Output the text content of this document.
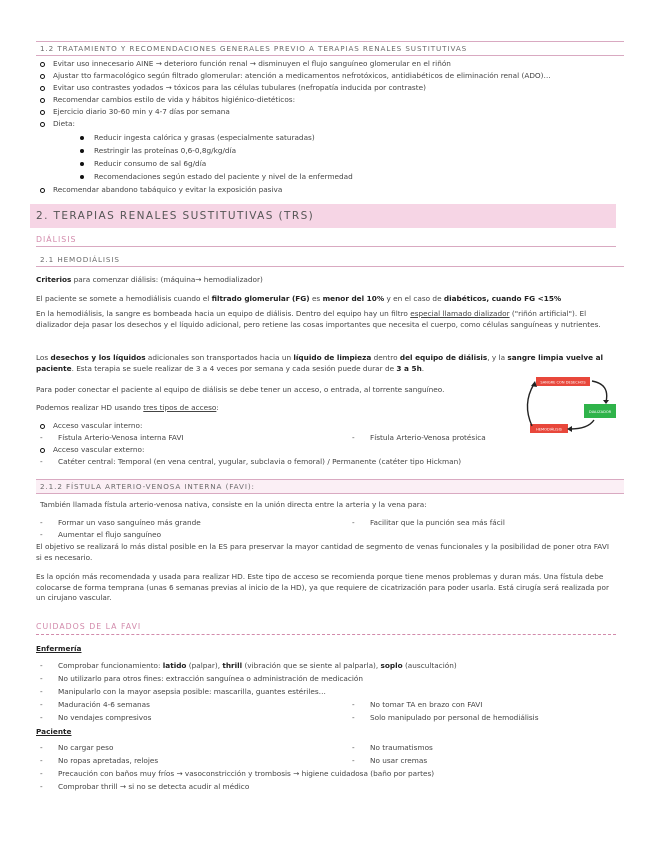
1.2 TRATAMIENTO Y RECOMENDACIONES GENERALES PREVIO A TERAPIAS RENALES SUSTITUTIVAS
Evitar uso innecesario AINE → deterioro función renal → disminuyen el flujo sanguíneo glomerular en el riñón
Ajustar tto farmacológico según filtrado glomerular: atención a medicamentos nefrotóxicos, antidiabéticos de eliminación renal (ADO)…
Evitar uso contrastes yodados → tóxicos para las células tubulares (nefropatía inducida por contraste)
Recomendar cambios estilo de vida y hábitos higiénico-dietéticos:
Ejercicio diario 30-60 min y 4-7 días por semana
Dieta:
Reducir ingesta calórica y grasas (especialmente saturadas)
Restringir las proteínas 0,6-0,8g/kg/día
Reducir consumo de sal 6g/día
Recomendaciones según estado del paciente y nivel de la enfermedad
Recomendar abandono tabáquico y evitar la exposición pasiva
2. TERAPIAS RENALES SUSTITUTIVAS (TRS)
DIÁLISIS
2.1 HEMODIÁLISIS
Criterios para comenzar diálisis: (máquina→ hemodializador)
El paciente se somete a hemodiálisis cuando el filtrado glomerular (FG) es menor del 10% y en el caso de diabéticos, cuando FG <15%
En la hemodiálisis, la sangre es bombeada hacia un equipo de diálisis. Dentro del equipo hay un filtro especial llamado dializador ("riñón artificial"). El dializador deja pasar los desechos y el líquido adicional, pero retiene las cosas importantes que necesita el cuerpo, como células sanguíneas y nutrientes.
Los desechos y los líquidos adicionales son transportados hacia un líquido de limpieza dentro del equipo de diálisis, y la sangre limpia vuelve al paciente. Esta terapia se suele realizar de 3 a 4 veces por semana y cada sesión puede durar de 3 a 5h.
Para poder conectar el paciente al equipo de diálisis se debe tener un acceso, o entrada, al torrente sanguíneo.
Podemos realizar HD usando tres tipos de acceso:
Acceso vascular interno:
- Fístula Arterio-Venosa interna FAVI	- Fístula Arterio-Venosa protésica
Acceso vascular externo:
- Catéter central: Temporal (en vena central, yugular, subclavia o femoral) / Permanente (catéter tipo Hickman)
SANGRE CON DESECHOS
DIALIZADOR
HEMODIÁLISIS
2.1.2 FÍSTULA ARTERIO-VENOSA INTERNA (FAVI):
También llamada fístula arterio-venosa nativa, consiste en la unión directa entre la arteria y la vena para:
- Formar un vaso sanguíneo más grande	- Facilitar que la punción sea más fácil
- Aumentar el flujo sanguíneo
El objetivo se realizará lo más distal posible en la ES para preservar la mayor cantidad de segmento de venas funcionales y la posibilidad de poner otra FAVI si es necesario.
Es la opción más recomendada y usada para realizar HD. Este tipo de acceso se recomienda porque tiene menos problemas y duran más. Una fístula debe colocarse de forma temprana (unas 6 semanas previas al inicio de la HD), ya que requiere de cicatrización para poder usarla. Está cirugía será realizada por un cirujano vascular.
CUIDADOS DE LA FAVI
Enfermería
- Comprobar funcionamiento: latido (palpar), thrill (vibración que se siente al palparla), soplo (auscultación)
- No utilizarlo para otros fines: extracción sanguínea o administración de medicación
- Manipularlo con la mayor asepsia posible: mascarilla, guantes estériles…
- Maduración 4-6 semanas	- No tomar TA en brazo con FAVI
- No vendajes compresivos	- Solo manipulado por personal de hemodiálisis
Paciente
- No cargar peso	- No traumatismos
- No ropas apretadas, relojes	- No usar cremas
- Precaución con baños muy fríos → vasoconstricción y trombosis → higiene cuidadosa (baño por partes)
- Comprobar thrill → si no se detecta acudir al médico
